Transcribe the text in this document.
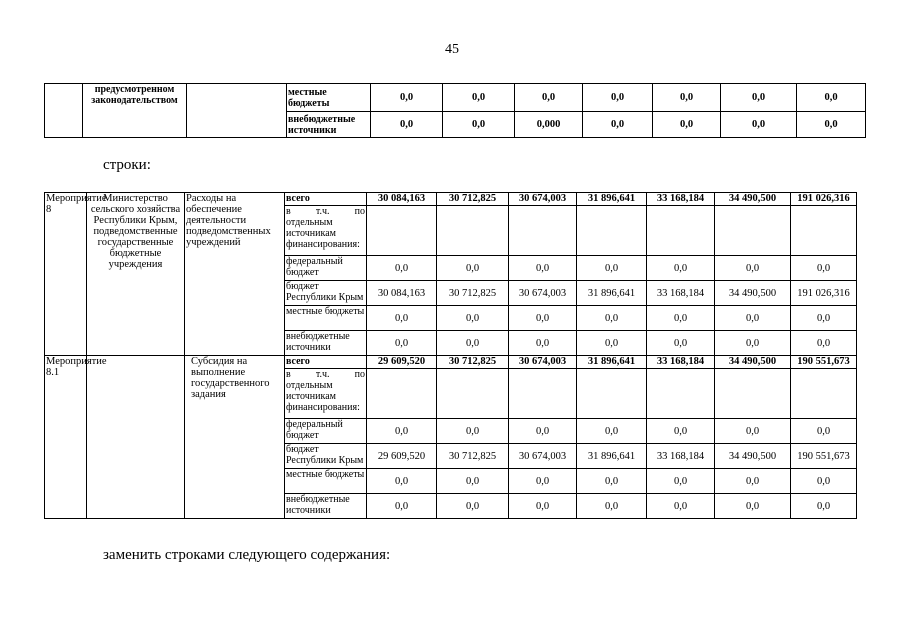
45
	предусмотренном законодательством		местные бюджеты	0,0	0,0	0,0	0,0	0,0	0,0	0,0
			внебюджетные источники	0,0	0,0	0,000	0,0	0,0	0,0	0,0
строки:
Мероприятие 8	Министерство сельского хозяйства Республики Крым, подведомственные государственные бюджетные учреждения	Расходы на обеспечение деятельности подведомственных учреждений	всего	30 084,163	30 712,825	30 674,003	31 896,641	33 168,184	34 490,500	191 026,316
			в т.ч. по отдельным источникам финансирования:							
			федеральный бюджет	0,0	0,0	0,0	0,0	0,0	0,0	0,0
			бюджет Республики Крым	30 084,163	30 712,825	30 674,003	31 896,641	33 168,184	34 490,500	191 026,316
			местные бюджеты	0,0	0,0	0,0	0,0	0,0	0,0	0,0
			внебюджетные источники	0,0	0,0	0,0	0,0	0,0	0,0	0,0
Мероприятие 8.1		Субсидия на выполнение государственного задания	всего	29 609,520	30 712,825	30 674,003	31 896,641	33 168,184	34 490,500	190 551,673
			в т.ч. по отдельным источникам финансирования:							
			федеральный бюджет	0,0	0,0	0,0	0,0	0,0	0,0	0,0
			бюджет Республики Крым	29 609,520	30 712,825	30 674,003	31 896,641	33 168,184	34 490,500	190 551,673
			местные бюджеты	0,0	0,0	0,0	0,0	0,0	0,0	0,0
			внебюджетные источники	0,0	0,0	0,0	0,0	0,0	0,0	0,0
заменить строками следующего содержания:
